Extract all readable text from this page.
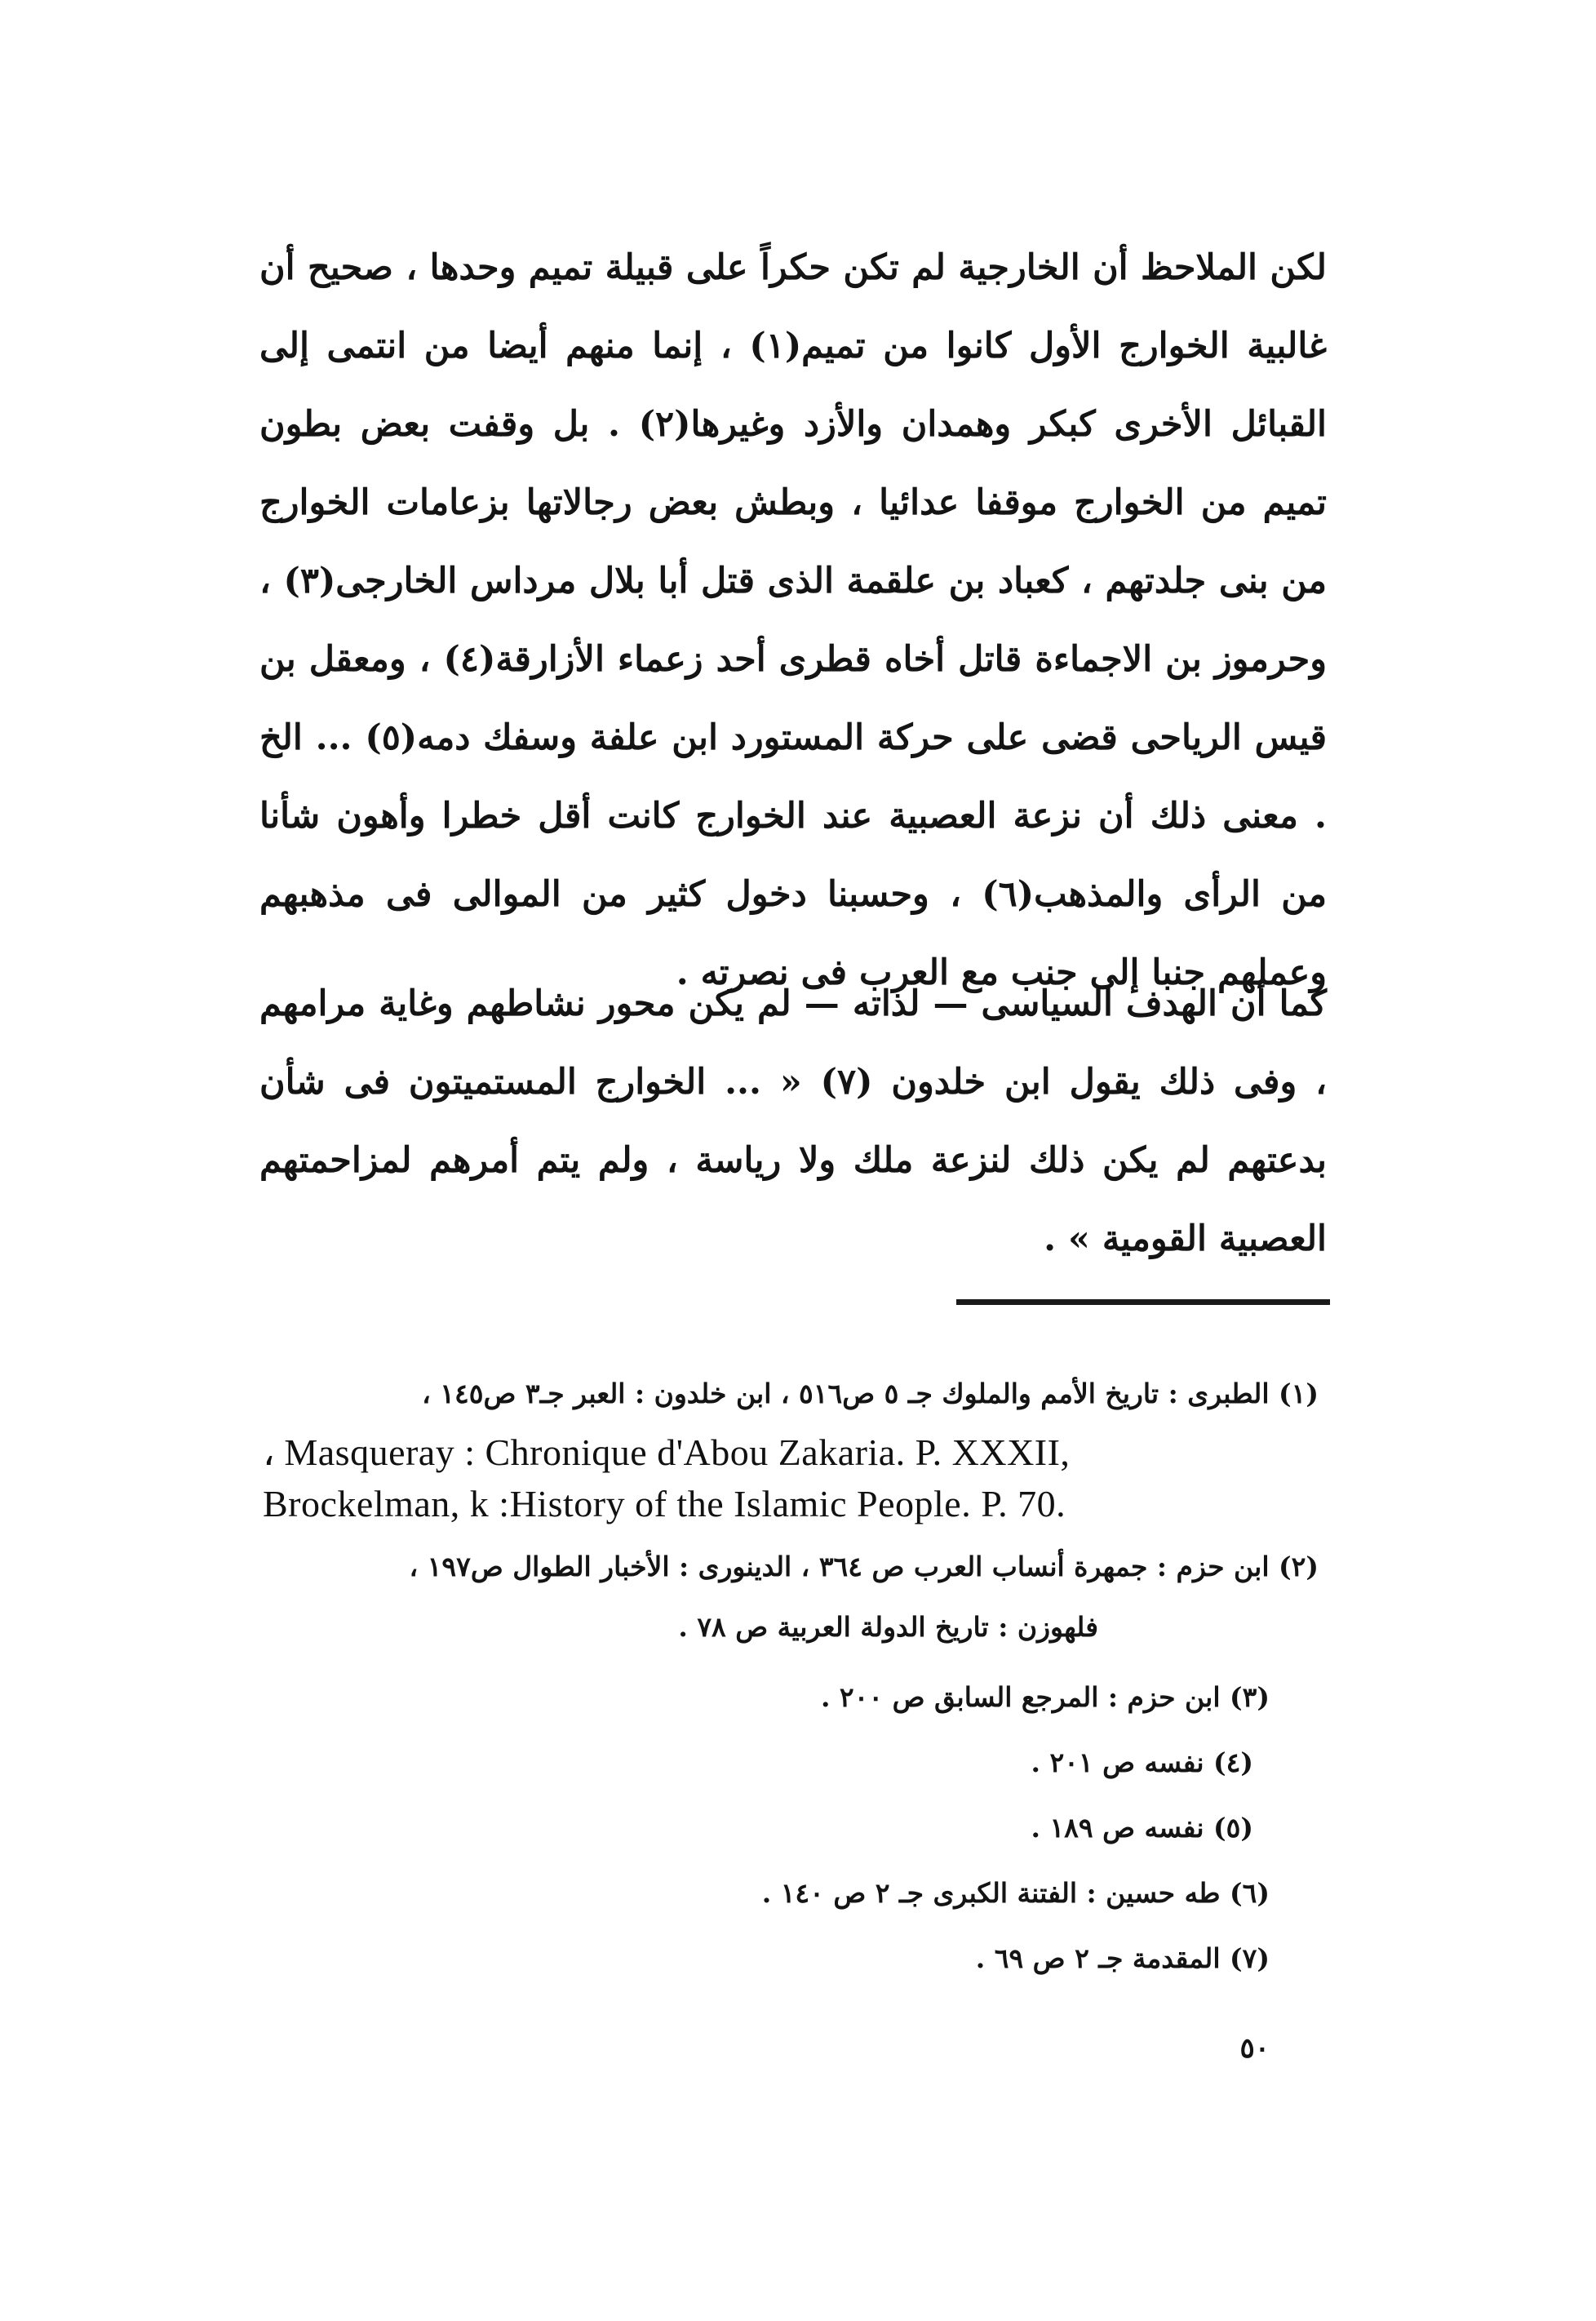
لكن الملاحظ أن الخارجية لم تكن حكراً على قبيلة تميم وحدها ، صحيح أن غالبية الخوارج الأول كانوا من تميم(١) ، إنما منهم أيضا من انتمى إلى القبائل الأخرى كبكر وهمدان والأزد وغيرها(٢) . بل وقفت بعض بطون تميم من الخوارج موقفا عدائيا ، وبطش بعض رجالاتها بزعامات الخوارج من بنى جلدتهم ، كعباد بن علقمة الذى قتل أبا بلال مرداس الخارجى(٣) ، وحرموز بن الاجماءة قاتل أخاه قطرى أحد زعماء الأزارقة(٤) ، ومعقل بن قيس الرياحى قضى على حركة المستورد ابن علفة وسفك دمه(٥) ... الخ . معنى ذلك أن نزعة العصبية عند الخوارج كانت أقل خطرا وأهون شأنا من الرأى والمذهب(٦) ، وحسبنا دخول كثير من الموالى فى مذهبهم وعملهم جنبا إلى جنب مع العرب فى نصرته .

كما أن الهدف السياسى — لذاته — لم يكن محور نشاطهم وغاية مرامهم ، وفى ذلك يقول ابن خلدون (٧) « ... الخوارج المستميتون فى شأن بدعتهم لم يكن ذلك لنزعة ملك ولا رياسة ، ولم يتم أمرهم لمزاحمتهم العصبية القومية » .

(١) الطبرى : تاريخ الأمم والملوك جـ ٥ ص٥١٦ ، ابن خلدون : العبر جـ٣ ص١٤٥ ،

، Masqueray : Chronique d'Abou Zakaria. P. XXXII,

Brockelman, k :History of the Islamic People. P. 70.

(٢) ابن حزم : جمهرة أنساب العرب ص ٣٦٤ ، الدينورى : الأخبار الطوال ص١٩٧ ،

فلهوزن : تاريخ الدولة العربية ص ٧٨ .

(٣) ابن حزم : المرجع السابق ص ٢٠٠ .

(٤) نفسه ص ٢٠١ .

(٥) نفسه ص ١٨٩ .

(٦) طه حسين : الفتنة الكبرى جـ ٢ ص ١٤٠ .

(٧) المقدمة جـ ٢ ص ٦٩ .

٥٠
